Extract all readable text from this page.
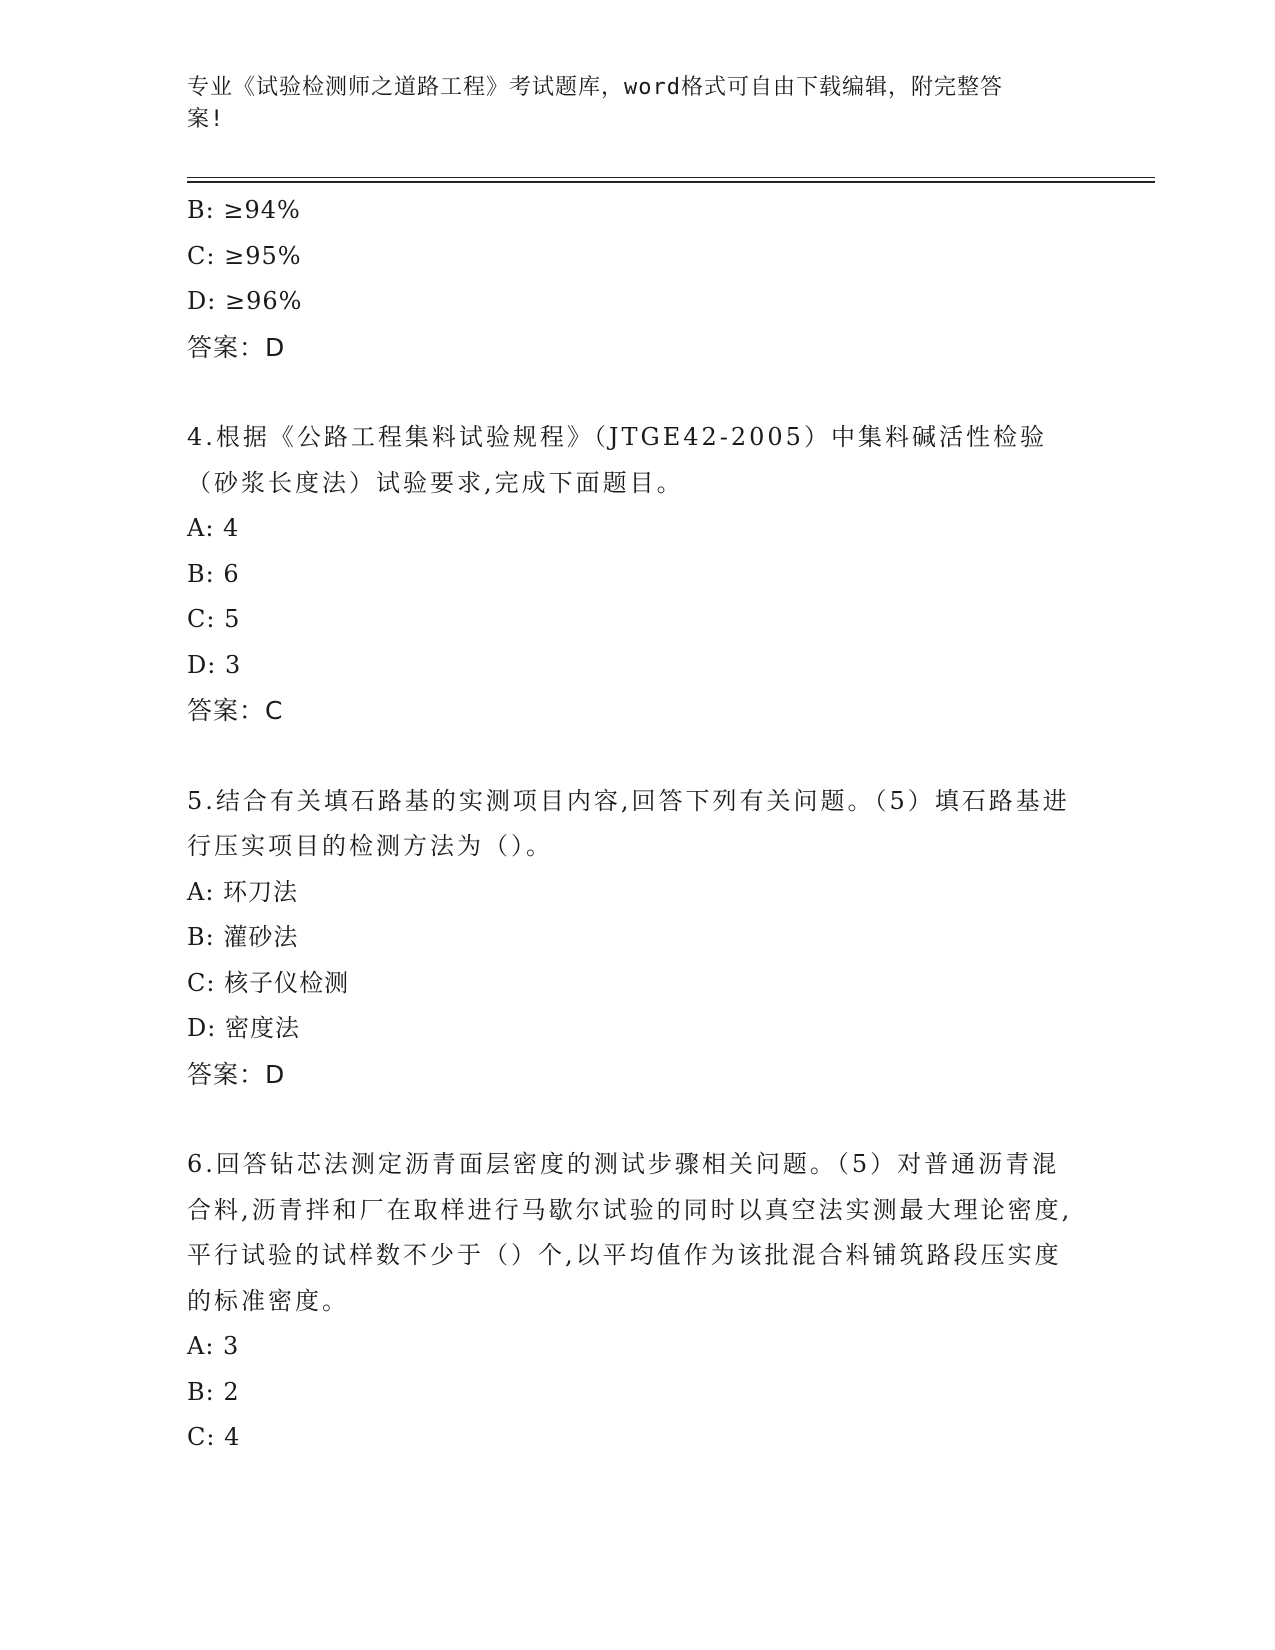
专业《试验检测师之道路工程》考试题库，word格式可自由下载编辑，附完整答
案!
B: ≥94%
C: ≥95%
D: ≥96%
答案：D
4.根据《公路工程集料试验规程》（JTGE42-2005）中集料碱活性检验（砂浆长度法）试验要求,完成下面题目。
A: 4
B: 6
C: 5
D: 3
答案：C
5.结合有关填石路基的实测项目内容,回答下列有关问题。（5）填石路基进行压实项目的检测方法为（）。
A: 环刀法
B: 灌砂法
C: 核子仪检测
D: 密度法
答案：D
6.回答钻芯法测定沥青面层密度的测试步骤相关问题。（5）对普通沥青混合料,沥青拌和厂在取样进行马歇尔试验的同时以真空法实测最大理论密度,平行试验的试样数不少于（）个,以平均值作为该批混合料铺筑路段压实度的标准密度。
A: 3
B: 2
C: 4
